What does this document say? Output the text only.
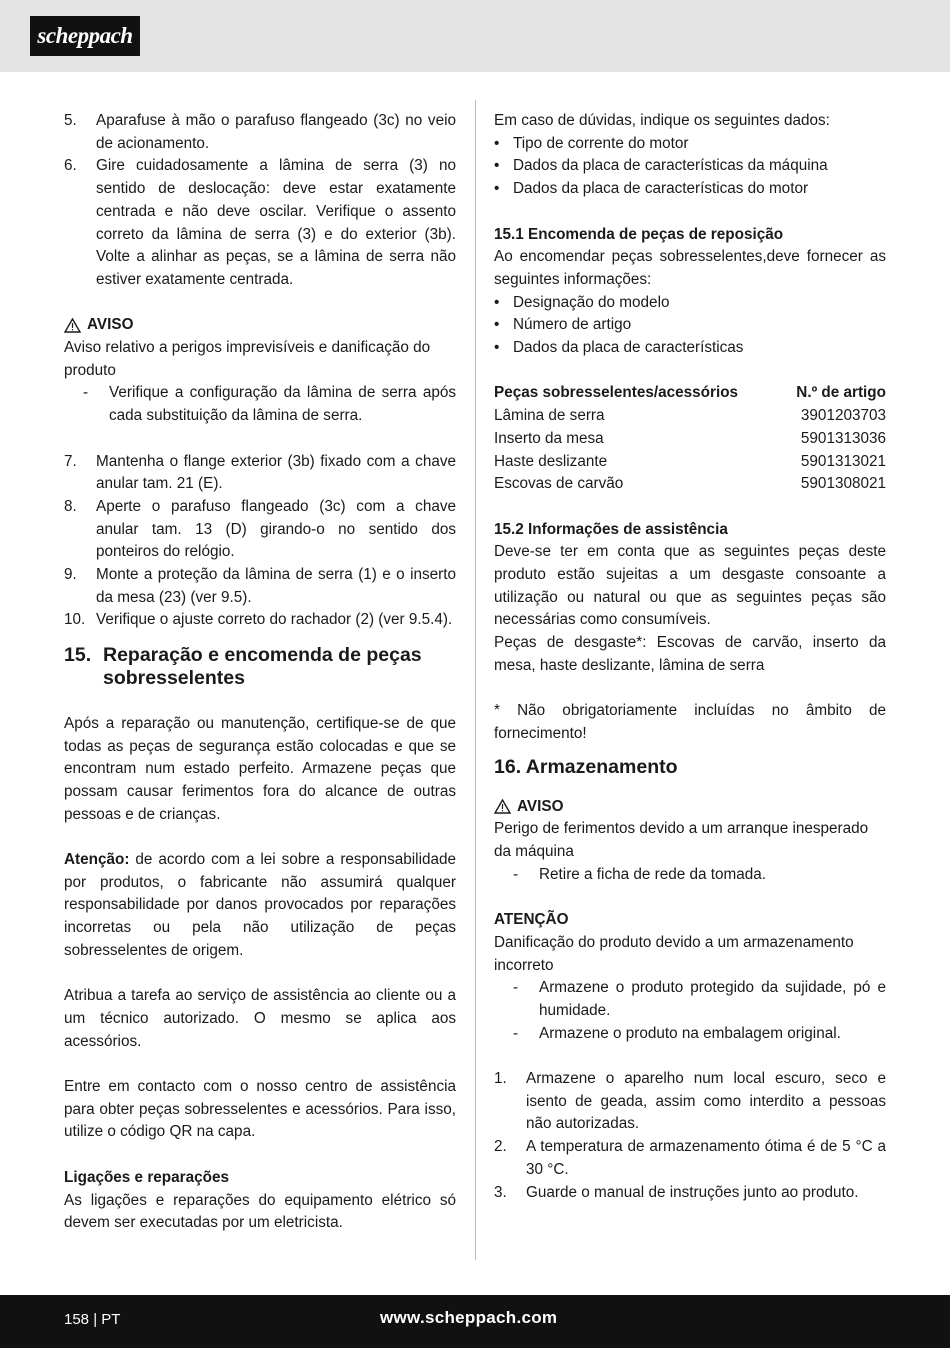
scheppach
5. Aparafuse à mão o parafuso flangeado (3c) no veio de acionamento.
6. Gire cuidadosamente a lâmina de serra (3) no sentido de deslocação: deve estar exatamente centrada e não deve oscilar. Verifique o assento correto da lâmina de serra (3) e do exterior (3b). Volte a alinhar as peças, se a lâmina de serra não estiver exatamente centrada.
AVISO

Aviso relativo a perigos imprevisíveis e danificação do produto

- Verifique a configuração da lâmina de serra após cada substituição da lâmina de serra.
7. Mantenha o flange exterior (3b) fixado com a chave anular tam. 21 (E).
8. Aperte o parafuso flangeado (3c) com a chave anular tam. 13 (D) girando-o no sentido dos ponteiros do relógio.
9. Monte a proteção da lâmina de serra (1) e o inserto da mesa (23) (ver 9.5).
10. Verifique o ajuste correto do rachador (2) (ver 9.5.4).
15. Reparação e encomenda de peças sobresselentes

Após a reparação ou manutenção, certifique-se de que todas as peças de segurança estão colocadas e que se encontram num estado perfeito. Armazene peças que possam causar ferimentos fora do alcance de outras pessoas e de crianças.

Atenção: de acordo com a lei sobre a responsabilidade por produtos, o fabricante não assumirá qualquer responsabilidade por danos provocados por reparações incorretas ou pela não utilização de peças sobresselentes de origem.

Atribua a tarefa ao serviço de assistência ao cliente ou a um técnico autorizado. O mesmo se aplica aos acessórios.

Entre em contacto com o nosso centro de assistência para obter peças sobresselentes e acessórios. Para isso, utilize o código QR na capa.

Ligações e reparações

As ligações e reparações do equipamento elétrico só devem ser executadas por um eletricista.

Em caso de dúvidas, indique os seguintes dados:

• Tipo de corrente do motor
• Dados da placa de características da máquina
• Dados da placa de características do motor

15.1 Encomenda de peças de reposição

Ao encomendar peças sobresselentes,deve fornecer as seguintes informações:

• Designação do modelo
• Número de artigo
• Dados da placa de características
Peças sobresselentes/acessórios	N.º de artigo
Lâmina de serra	3901203703
Inserto da mesa	5901313036
Haste deslizante	5901313021
Escovas de carvão	5901308021

15.2 Informações de assistência

Deve-se ter em conta que as seguintes peças deste produto estão sujeitas a um desgaste consoante a utilização ou natural ou que as seguintes peças são necessárias como consumíveis.

Peças de desgaste*: Escovas de carvão, inserto da mesa, haste deslizante, lâmina de serra

* Não obrigatoriamente incluídas no âmbito de fornecimento!

16. Armazenamento
AVISO

Perigo de ferimentos devido a um arranque inesperado da máquina

- Retire a ficha de rede da tomada.

ATENÇÃO

Danificação do produto devido a um armazenamento incorreto

- Armazene o produto protegido da sujidade, pó e humidade.
- Armazene o produto na embalagem original.
1. Armazene o aparelho num local escuro, seco e isento de geada, assim como interdito a pessoas não autorizadas.
2. A temperatura de armazenamento ótima é de 5 °C a 30 °C.
3. Guarde o manual de instruções junto ao produto.
158 | PT	www.scheppach.com
